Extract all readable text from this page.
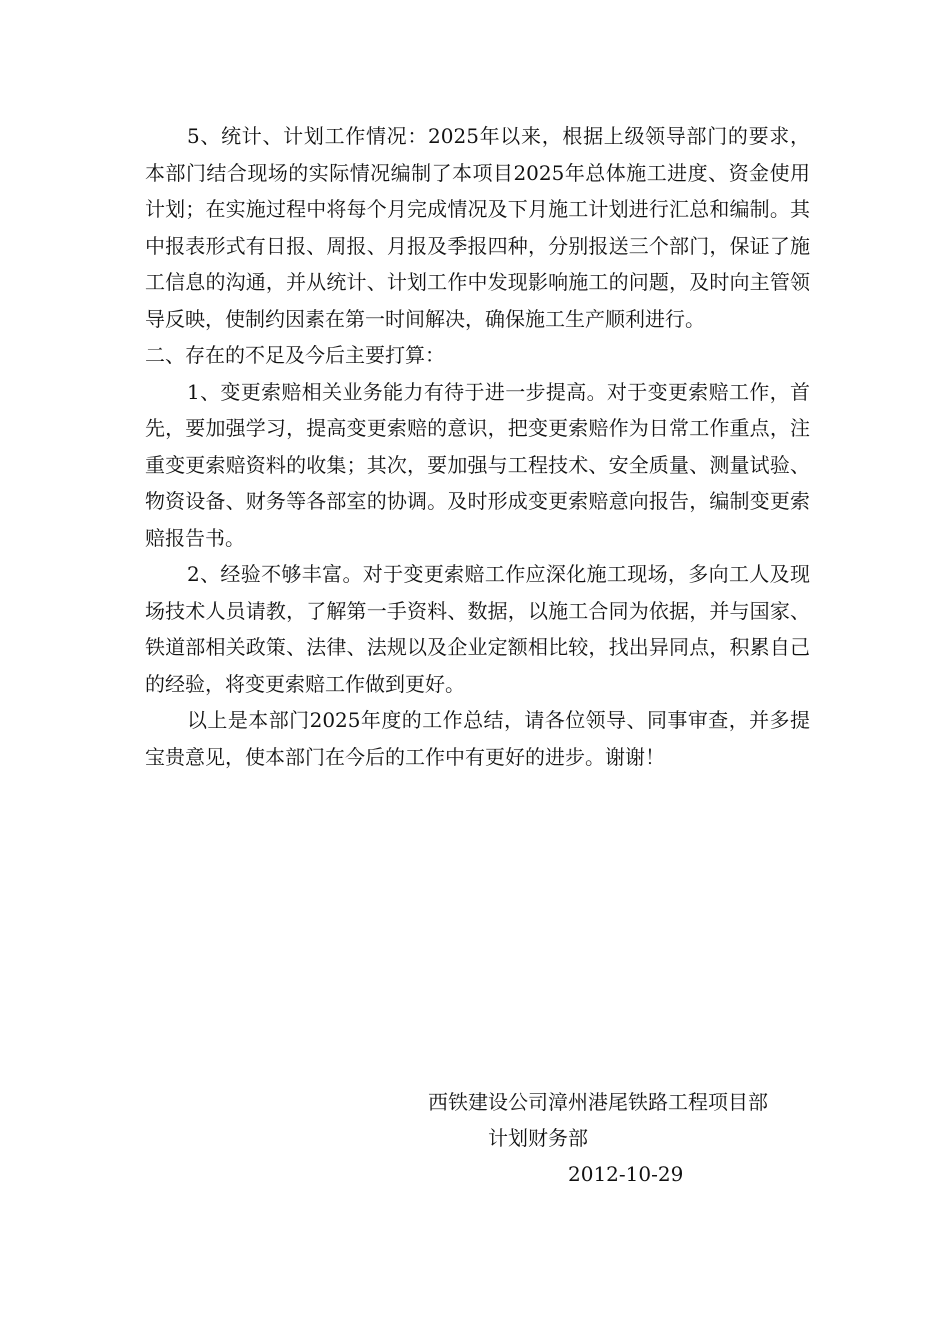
5、统计、计划工作情况：2025年以来，根据上级领导部门的要求，本部门结合现场的实际情况编制了本项目2025年总体施工进度、资金使用计划；在实施过程中将每个月完成情况及下月施工计划进行汇总和编制。其中报表形式有日报、周报、月报及季报四种，分别报送三个部门，保证了施工信息的沟通，并从统计、计划工作中发现影响施工的问题，及时向主管领导反映，使制约因素在第一时间解决，确保施工生产顺利进行。

二、存在的不足及今后主要打算：

1、变更索赔相关业务能力有待于进一步提高。对于变更索赔工作，首先，要加强学习，提高变更索赔的意识，把变更索赔作为日常工作重点，注重变更索赔资料的收集；其次，要加强与工程技术、安全质量、测量试验、物资设备、财务等各部室的协调。及时形成变更索赔意向报告，编制变更索赔报告书。

2、经验不够丰富。对于变更索赔工作应深化施工现场，多向工人及现场技术人员请教，了解第一手资料、数据，以施工合同为依据，并与国家、铁道部相关政策、法律、法规以及企业定额相比较，找出异同点，积累自己的经验，将变更索赔工作做到更好。

以上是本部门2025年度的工作总结，请各位领导、同事审查，并多提宝贵意见，使本部门在今后的工作中有更好的进步。谢谢！

西铁建设公司漳州港尾铁路工程项目部
计划财务部
2012-10-29
